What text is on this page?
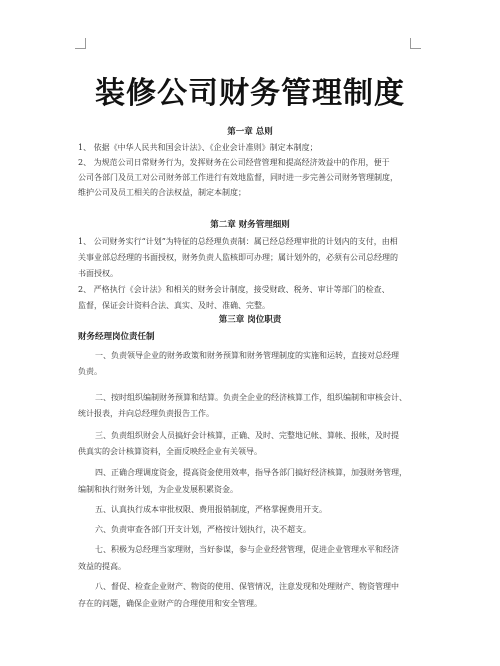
装修公司财务管理制度
第一章 总则
1、 依据《中华人民共和国会计法》、《企业会计准则》制定本制度；
2、 为规范公司日常财务行为，发挥财务在公司经营管理和提高经济效益中的作用，便于
公司各部门及员工对公司财务部工作进行有效地监督，同时进一步完善公司财务管理制度，
维护公司及员工相关的合法权益，制定本制度；
第二章 财务管理细则
1、 公司财务实行“计划”为特征的总经理负责制：属已经总经理审批的计划内的支付，由相
关事业部总经理的书面授权，财务负责人监核即可办理；属计划外的，必须有公司总经理的
书面授权。
2、 严格执行《会计法》和相关的财务会计制度，接受财政、税务、审计等部门的检查、
监督，保证会计资料合法、真实、及时、准确、完整。
第三章 岗位职责
财务经理岗位责任制
一、负责领导企业的财务政策和财务预算和财务管理制度的实施和运转，直接对总经理
负责。
二、按时组织编制财务预算和结算。负责全企业的经济核算工作，组织编制和审核会计、
统计报表，并向总经理负责报告工作。
三、负责组织财会人员搞好会计核算，正确、及时、完整地记帐、算帐、报帐，及时提
供真实的会计核算资料，全面反映经企业有关领导。
四、正确合理调度资金，提高资金使用效率，指导各部门搞好经济核算，加强财务管理，
编制和执行财务计划，为企业发展积累资金。
五、认真执行成本审批权限、费用报销制度，严格掌握费用开支。
六、负责审查各部门开支计划，严格按计划执行，决不超支。
七、积极为总经理当家理财，当好参谋，参与企业经营管理，促进企业管理水平和经济
效益的提高。
八、督促、检查企业财产、物资的使用、保管情况，注意发现和处理财产、物资管理中
存在的问题，确保企业财产的合理使用和安全管理。
